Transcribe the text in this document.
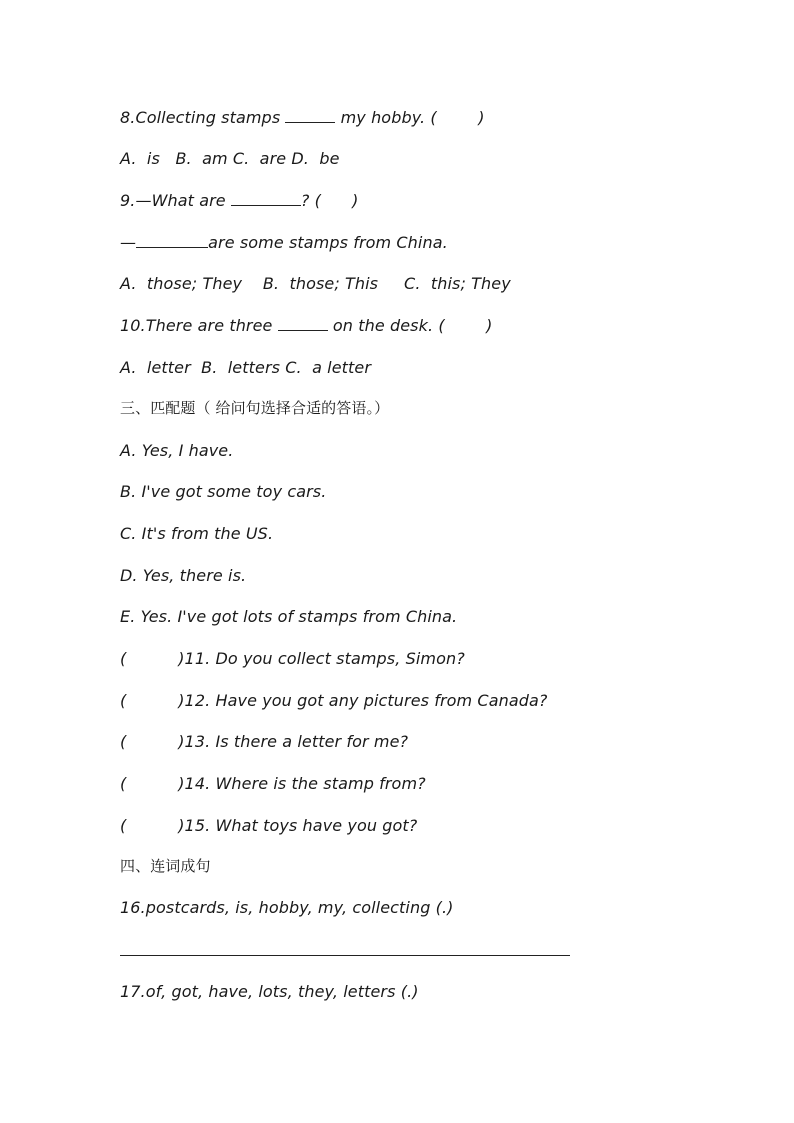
8.Collecting stamps	my hobby. (        )
A.  is   B.  am C.  are D.  be
9.—What are	? (      )
—	are some stamps from China.
A.  those; They    B.  those; This     C.  this; They
10.There are three	on the desk. (        )
A.  letter  B.  letters C.  a letter
三、匹配题（ 给问句选择合适的答语。）
A. Yes, I have.
B. I've got some toy cars.
C. It's from the US.
D. Yes, there is.
E. Yes. I've got lots of stamps from China.
(          )11. Do you collect stamps, Simon?
(          )12. Have you got any pictures from Canada?
(          )13. Is there a letter for me?
(          )14. Where is the stamp from?
(          )15. What toys have you got?
四、连词成句
16.postcards, is, hobby, my, collecting (.)
17.of, got, have, lots, they, letters (.)
